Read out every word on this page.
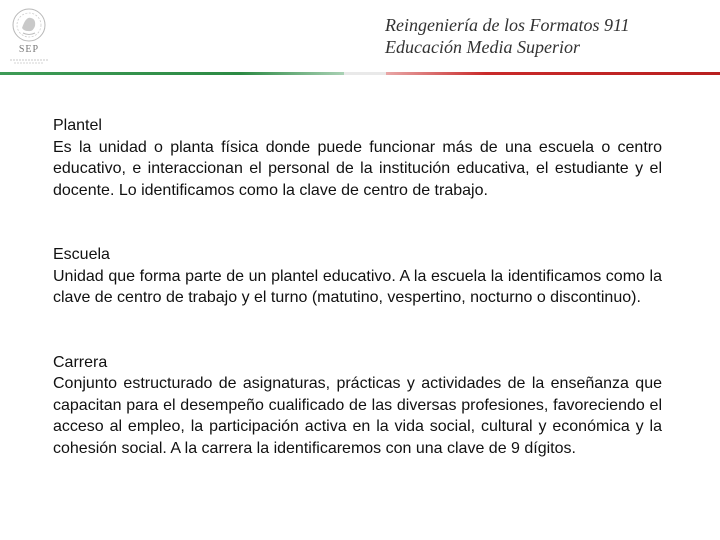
SEP
Reingeniería de los Formatos 911
Educación Media Superior

Plantel

Es la unidad o planta física donde puede funcionar más de una escuela o centro educativo, e interaccionan el personal de la institución educativa, el estudiante y el docente. Lo identificamos como la clave de centro de trabajo.

Escuela

Unidad que forma parte de un plantel educativo. A la escuela la identificamos como la clave de centro de trabajo y el turno (matutino, vespertino, nocturno o discontinuo).

Carrera

Conjunto estructurado de asignaturas, prácticas y actividades de la enseñanza que capacitan para el desempeño cualificado de las diversas profesiones, favoreciendo el acceso al empleo, la participación activa en la vida social, cultural y económica y la cohesión social. A la carrera la identificaremos con una clave de 9 dígitos.
